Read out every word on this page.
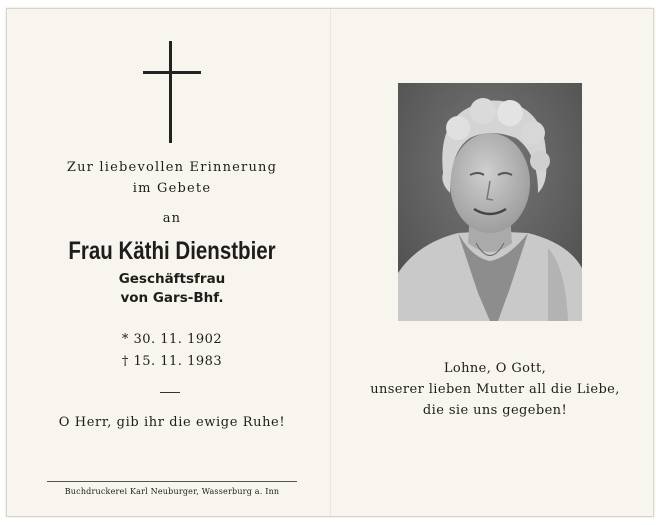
Zur liebevollen Erinnerung
im Gebete
an
Frau Käthi Dienstbier
Geschäftsfrau
von Gars-Bhf.
* 30. 11. 1902
† 15. 11. 1983
O Herr, gib ihr die ewige Ruhe!
Buchdruckerei Karl Neuburger, Wasserburg a. Inn
Lohne, O Gott,
unserer lieben Mutter all die Liebe,
die sie uns gegeben!
